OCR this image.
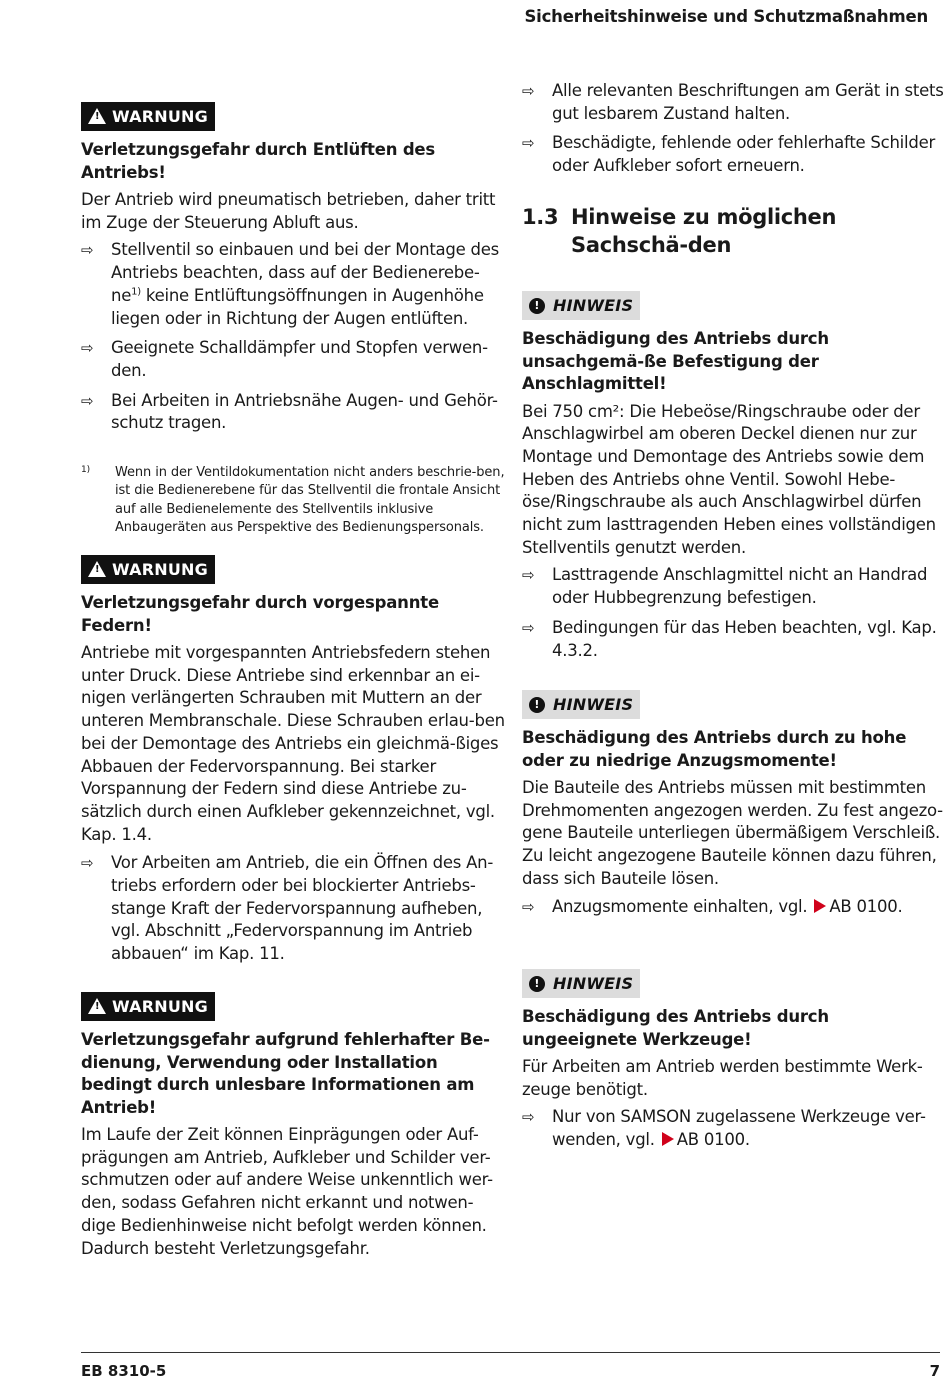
Sicherheitshinweise und Schutzmaßnahmen
!
WARNUNG

Verletzungsgefahr durch Entlüften des Antriebs!

Der Antrieb wird pneumatisch betrieben, daher tritt im Zuge der Steuerung Abluft aus.

⇨ Stellventil so einbauen und bei der Montage des Antriebs beachten, dass auf der Bedienerebe-$ne^{1)}$ keine Entlüftungsöffnungen in Augenhöhe liegen oder in Richtung der Augen entlüften.
⇨ Geeignete Schalldämpfer und Stopfen verwen-den.
⇨ Bei Arbeiten in Antriebsnähe Augen- und Gehör-schutz tragen.
1) Wenn in der Ventildokumentation nicht anders beschrie-ben, ist die Bedienerebene für das Stellventil die frontale Ansicht auf alle Bedienelemente des Stellventils inklusive Anbaugeräten aus Perspektive des Bedienungspersonals.
!
WARNUNG

Verletzungsgefahr durch vorgespannte Federn!

Antriebe mit vorgespannten Antriebsfedern stehen unter Druck. Diese Antriebe sind erkennbar an ei-nigen verlängerten Schrauben mit Muttern an der unteren Membranschale. Diese Schrauben erlau-ben bei der Demontage des Antriebs ein gleichmä-ßiges Abbauen der Federvorspannung. Bei starker Vorspannung der Federn sind diese Antriebe zu-sätzlich durch einen Aufkleber gekennzeichnet, vgl. Kap. 1.4.

⇨ Vor Arbeiten am Antrieb, die ein Öffnen des An-triebs erfordern oder bei blockierter Antriebs-stange Kraft der Federvorspannung aufheben, vgl. Abschnitt „Federvorspannung im Antrieb abbauen“ im Kap. 11.
!
WARNUNG

Verletzungsgefahr aufgrund fehlerhafter Be-dienung, Verwendung oder Installation bedingt durch unlesbare Informationen am Antrieb!

Im Laufe der Zeit können Einprägungen oder Auf-prägungen am Antrieb, Aufkleber und Schilder ver-schmutzen oder auf andere Weise unkenntlich wer-den, sodass Gefahren nicht erkannt und notwen-dige Bedienhinweise nicht befolgt werden können. Dadurch besteht Verletzungsgefahr.

⇨ Alle relevanten Beschriftungen am Gerät in stets gut lesbarem Zustand halten.
⇨ Beschädigte, fehlende oder fehlerhafte Schilder oder Aufkleber sofort erneuern.
1.3 Hinweise zu möglichen Sachschä-den
! HINWEIS

Beschädigung des Antriebs durch unsachgemä-ße Befestigung der Anschlagmittel!

Bei 750 cm²: Die Hebeöse/Ringschraube oder der Anschlagwirbel am oberen Deckel dienen nur zur Montage und Demontage des Antriebs sowie dem Heben des Antriebs ohne Ventil. Sowohl Hebe-öse/Ringschraube als auch Anschlagwirbel dürfen nicht zum lasttragenden Heben eines vollständigen Stellventils genutzt werden.

⇨ Lasttragende Anschlagmittel nicht an Handrad oder Hubbegrenzung befestigen.
⇨ Bedingungen für das Heben beachten, vgl. Kap. 4.3.2.
! HINWEIS

Beschädigung des Antriebs durch zu hohe oder zu niedrige Anzugsmomente!

Die Bauteile des Antriebs müssen mit bestimmten Drehmomenten angezogen werden. Zu fest angezo-gene Bauteile unterliegen übermäßigem Verschleiß. Zu leicht angezogene Bauteile können dazu führen, dass sich Bauteile lösen.

⇨ Anzugsmomente einhalten, vgl. AB 0100.
! HINWEIS

Beschädigung des Antriebs durch ungeeignete Werkzeuge!

Für Arbeiten am Antrieb werden bestimmte Werk-zeuge benötigt.

⇨ Nur von SAMSON zugelassene Werkzeuge ver-wenden, vgl. AB 0100.
EB 8310-5	7
